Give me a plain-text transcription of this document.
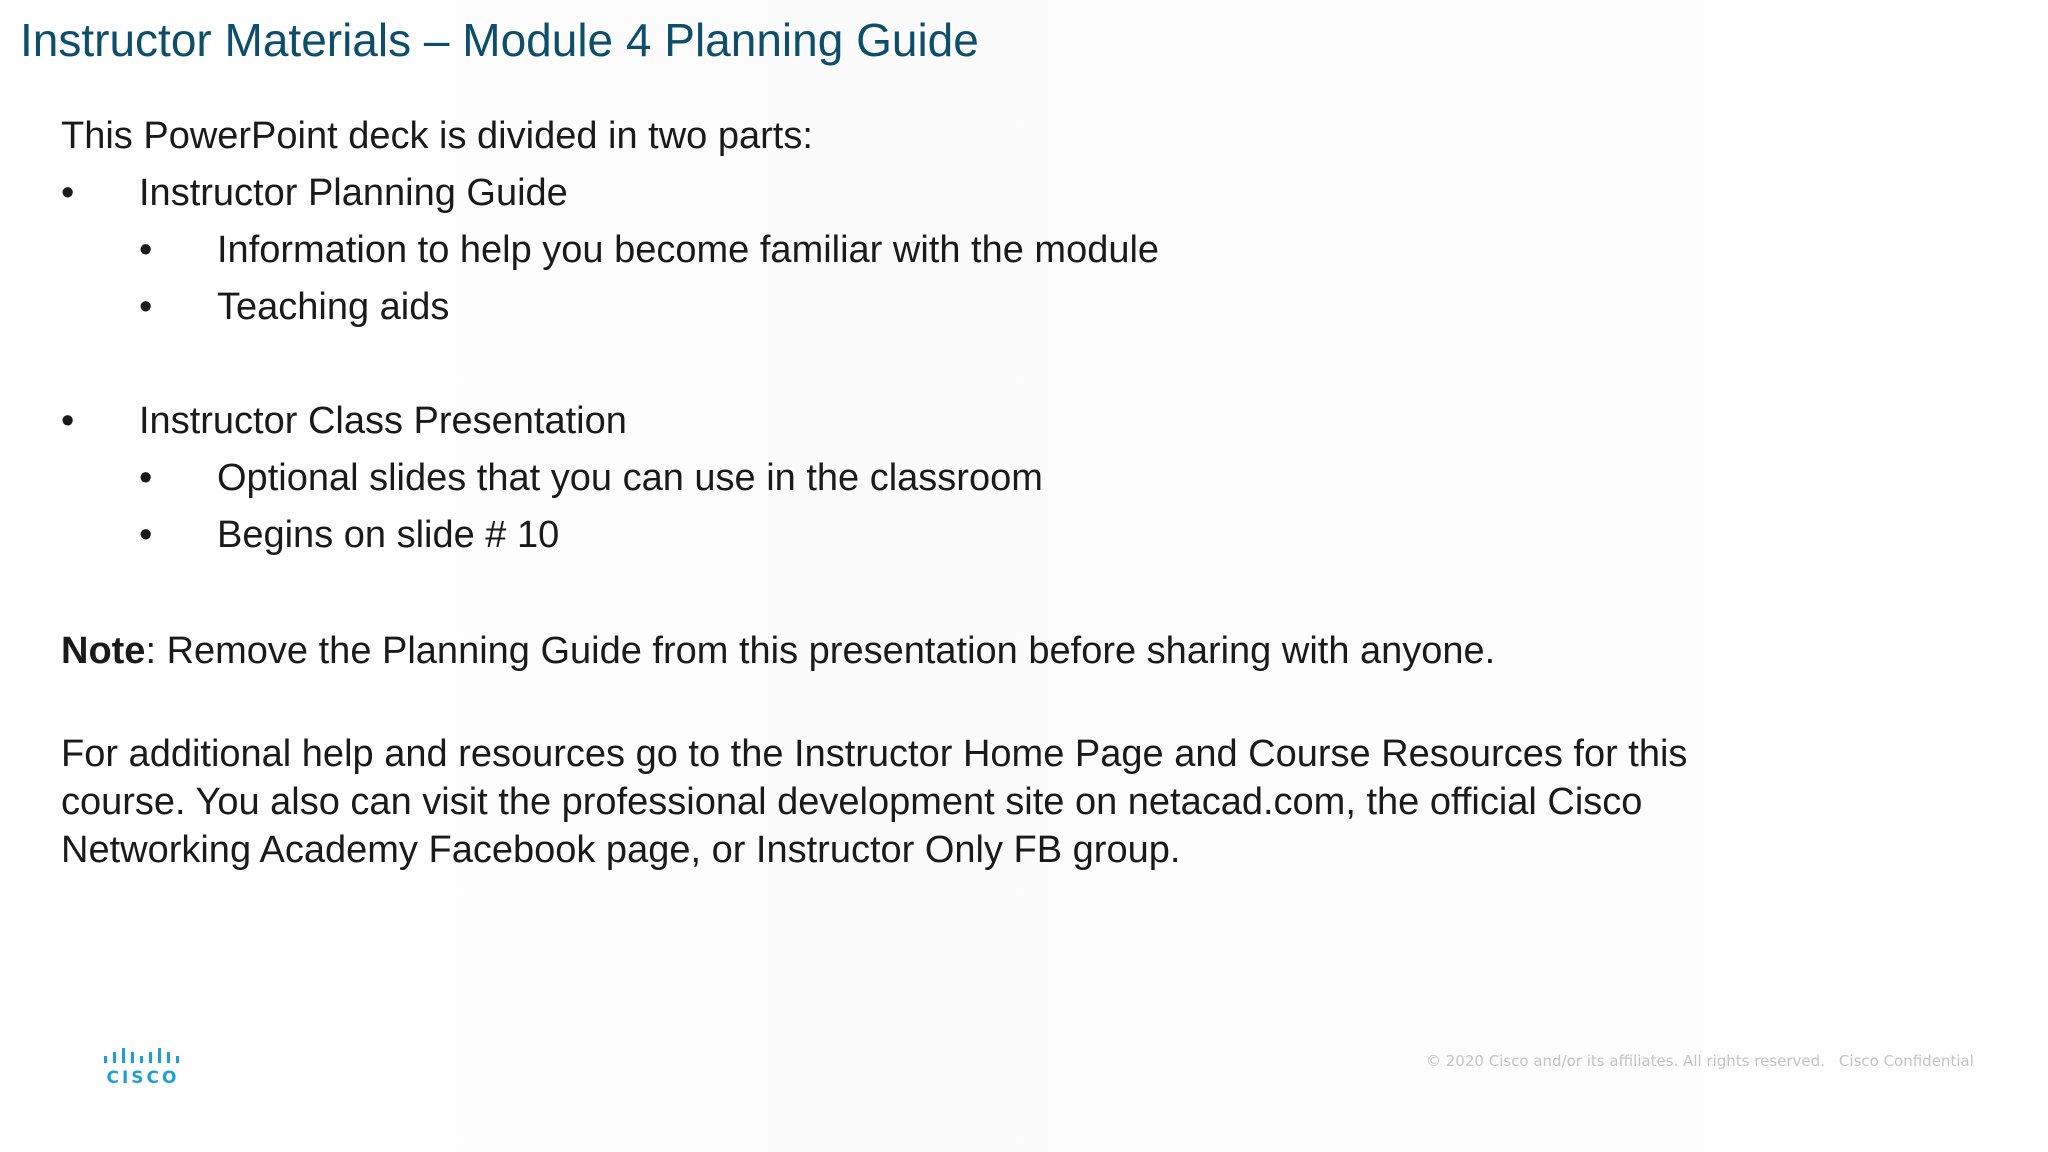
Instructor Materials – Module 4 Planning Guide
This PowerPoint deck is divided in two parts:
•	Instructor Planning Guide
•	Information to help you become familiar with the module
•	Teaching aids
•	Instructor Class Presentation
•	Optional slides that you can use in the classroom
•	Begins on slide # 10
Note: Remove the Planning Guide from this presentation before sharing with anyone.
For additional help and resources go to the Instructor Home Page and Course Resources for this
course. You also can visit the professional development site on netacad.com, the official Cisco
Networking Academy Facebook page, or Instructor Only FB group.
CISCO
© 2020 Cisco and/or its affiliates. All rights reserved. Cisco Confidential
